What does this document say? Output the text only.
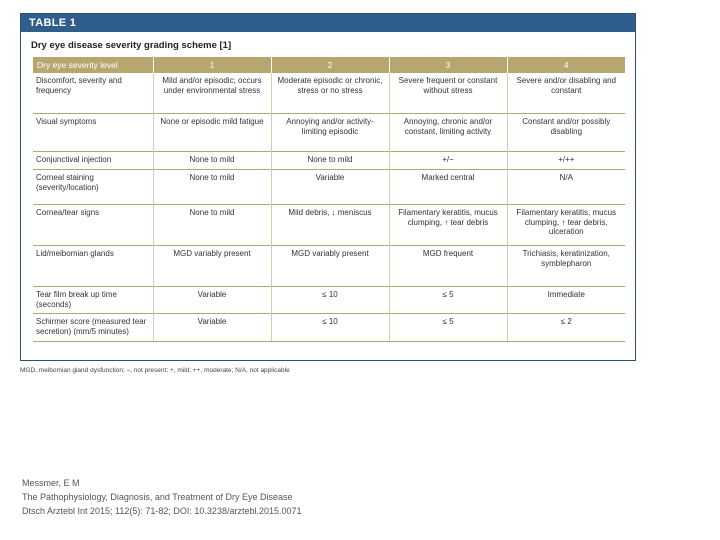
TABLE 1
Dry eye disease severity grading scheme [1]
Dry eye severity level	1	2	3	4
Discomfort, severity and frequency	Mild and/or episodic; occurs under environmental stress	Moderate episodic or chronic, stress or no stress	Severe frequent or constant without stress	Severe and/or disabling and constant
Visual symptoms	None or episodic mild fatigue	Annoying and/or activity-limiting episodic	Annoying, chronic and/or constant, limiting activity	Constant and/or possibly disabling
Conjunctival injection	None to mild	None to mild	+/−	+/++
Corneal staining (severity/location)	None to mild	Variable	Marked central	N/A
Cornea/tear signs	None to mild	Mild debris, ↓ meniscus	Filamentary keratitis, mucus clumping, ↑ tear debris	Filamentary keratitis, mucus clumping, ↑ tear debris, ulceration
Lid/meibomian glands	MGD variably present	MGD variably present	MGD frequent	Trichiasis, keratinization, symblepharon
Tear film break up time (seconds)	Variable	≤ 10	≤ 5	Immediate
Schirmer score (measured tear secretion) (mm/5 minutes)	Variable	≤ 10	≤ 5	≤ 2
MGD, meibomian gland dysfunction; –, not present; +, mild; ++, moderate; N/A, not applicable
Messmer, E M
The Pathophysiology, Diagnosis, and Treatment of Dry Eye Disease
Dtsch Arztebl Int 2015; 112(5): 71-82; DOI: 10.3238/arztebl.2015.0071
